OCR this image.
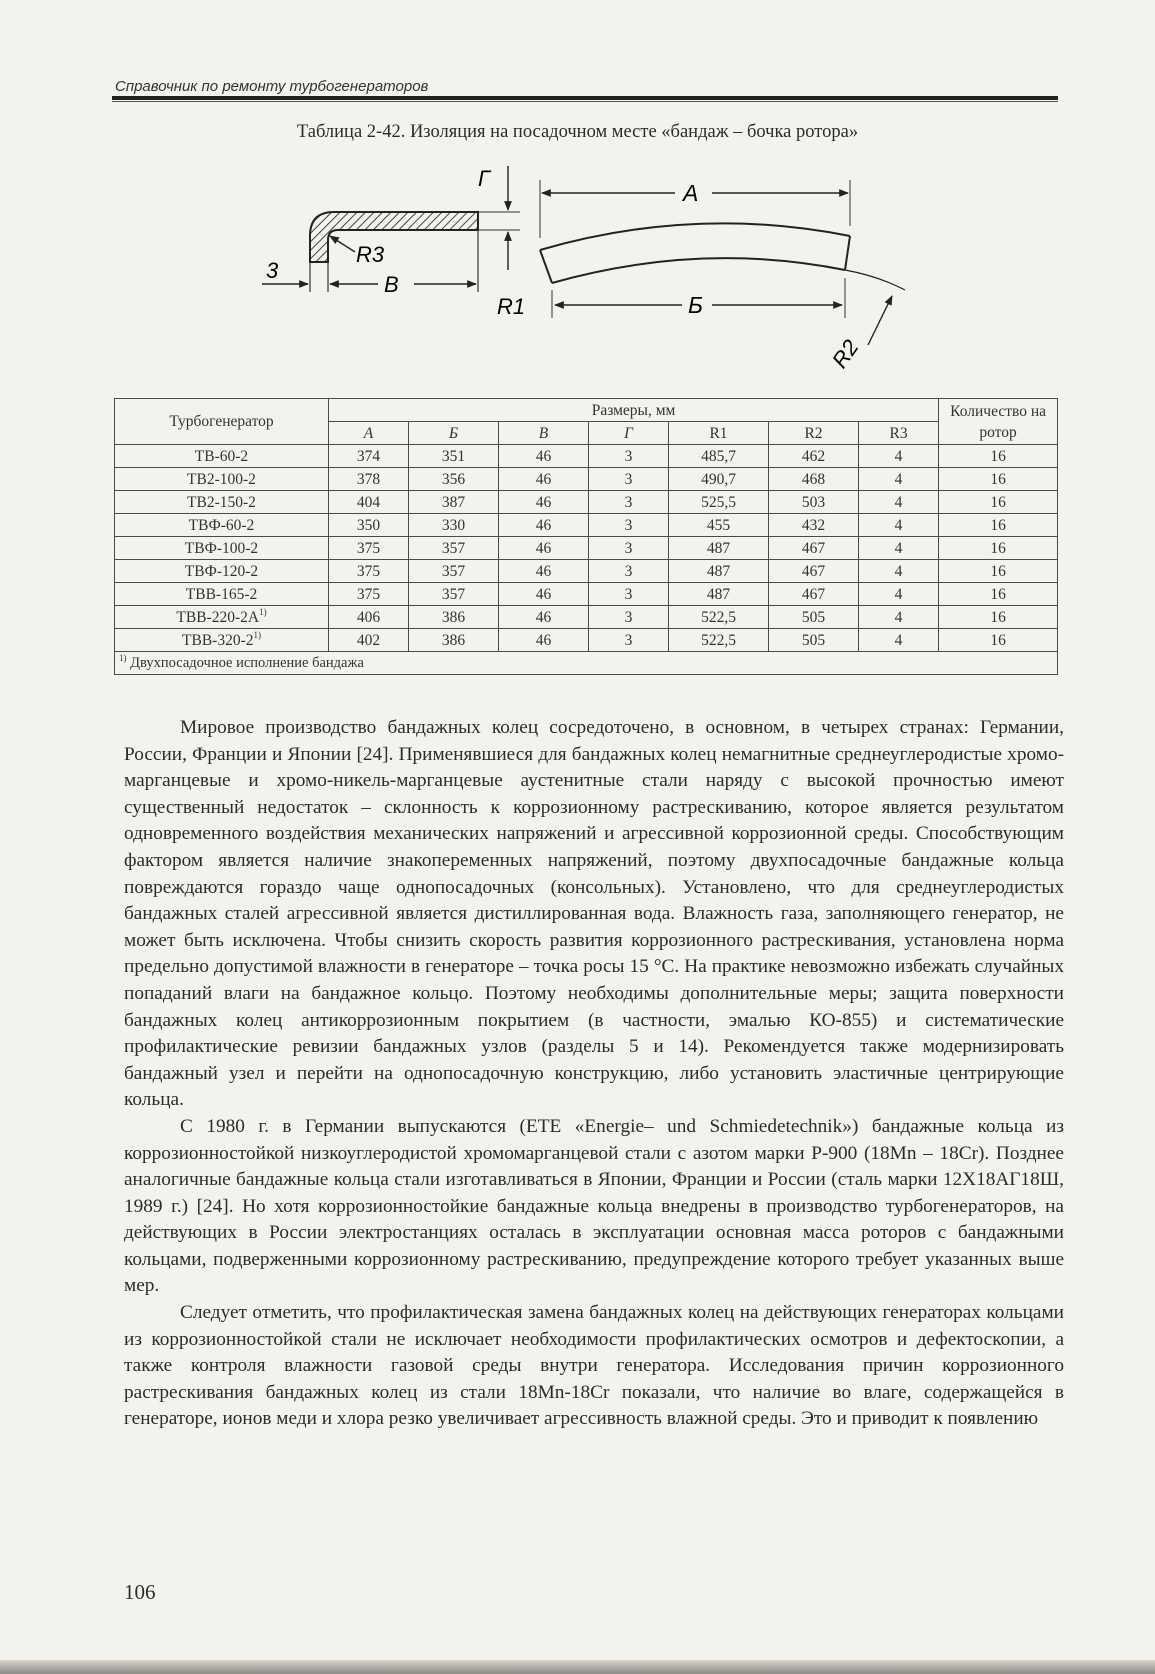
Справочник по ремонту турбогенераторов
Таблица 2-42. Изоляция на посадочном месте «бандаж – бочка ротора»
3
В
R3
Г
R1
А
Б
R2
Турбогенератор	Размеры, мм							Количество на ротор
	А	Б	В	Г	R1	R2	R3	
ТВ-60-2	374	351	46	3	485,7	462	4	16
ТВ2-100-2	378	356	46	3	490,7	468	4	16
ТВ2-150-2	404	387	46	3	525,5	503	4	16
ТВФ-60-2	350	330	46	3	455	432	4	16
ТВФ-100-2	375	357	46	3	487	467	4	16
ТВФ-120-2	375	357	46	3	487	467	4	16
ТВВ-165-2	375	357	46	3	487	467	4	16
ТВВ-$220-2А^{1)}$	406	386	46	3	522,5	505	4	16
ТВВ-320-2$^{1)}$	402	386	46	3	522,5	505	4	16
$^{1)}$ Двухпосадочное исполнение бандажа								

Мировое производство бандажных колец сосредоточено, в основном, в четырех странах: Германии, России, Франции и Японии [24]. Применявшиеся для бандажных колец немагнитные среднеуглеродистые хромо-марганцевые и хромо-никель-марганцевые аустенитные стали наряду с высокой прочностью имеют существенный недостаток – склонность к коррозионному растрескиванию, которое является результатом одновременного воздействия механических напряжений и агрессивной коррозионной среды. Способствующим фактором является наличие знакопеременных напряжений, поэтому двухпосадочные бандажные кольца повреждаются гораздо чаще однопосадочных (консольных). Установлено, что для среднеуглеродистых бандажных сталей агрессивной является дистиллированная вода. Влажность газа, заполняющего генератор, не может быть исключена. Чтобы снизить скорость развития коррозионного растрескивания, установлена норма предельно допустимой влажности в генераторе – точка росы 15 °С. На практике невозможно избежать случайных попаданий влаги на бандажное кольцо. Поэтому необходимы дополнительные меры; защита поверхности бандажных колец антикоррозионным покрытием (в частности, эмалью КО-855) и систематические профилактические ревизии бандажных узлов (разделы 5 и 14). Рекомендуется также модернизировать бандажный узел и перейти на однопосадочную конструкцию, либо установить эластичные центрирующие кольца.

С 1980 г. в Германии выпускаются (ЕТЕ «Energie– und Schmiedetechnik») бандажные кольца из коррозионностойкой низкоуглеродистой хромомарганцевой стали с азотом марки Р-900 (18Mn – 18Cr). Позднее аналогичные бандажные кольца стали изготавливаться в Японии, Франции и России (сталь марки 12Х18АГ18Ш, 1989 г.) [24]. Но хотя коррозионностойкие бандажные кольца внедрены в производство турбогенераторов, на действующих в России электростанциях осталась в эксплуатации основная масса роторов с бандажными кольцами, подверженными коррозионному растрескиванию, предупреждение которого требует указанных выше мер.

Следует отметить, что профилактическая замена бандажных колец на действующих генераторах кольцами из коррозионностойкой стали не исключает необходимости профилактических осмотров и дефектоскопии, а также контроля влажности газовой среды внутри генератора. Исследования причин коррозионного растрескивания бандажных колец из стали 18Mn-18Cr показали, что наличие во влаге, содержащейся в генераторе, ионов меди и хлора резко увеличивает агрессивность влажной среды. Это и приводит к появлению

106
